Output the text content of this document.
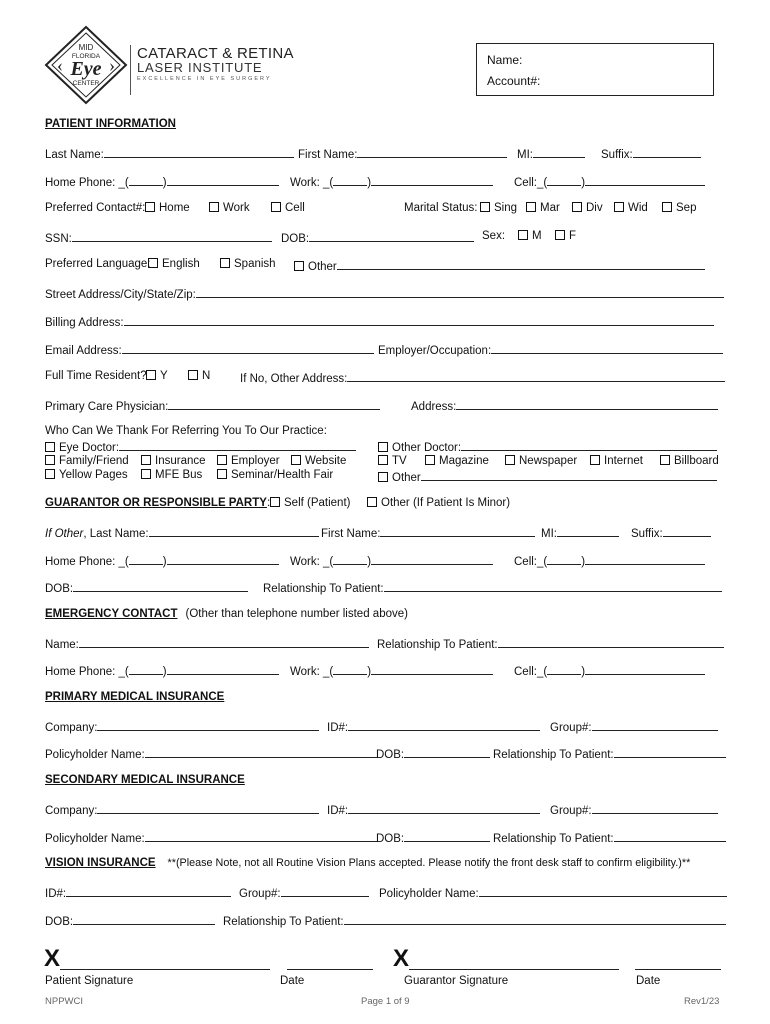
MID
FLORIDA
Eye
CENTER
‹	›
CATARACT & RETINA
LASER INSTITUTE
EXCELLENCE IN EYE SURGERY
Name:
Account#:
PATIENT INFORMATION
Last Name:	First Name:	MI:	Suffix:
Home Phone: _(	)	Work: _(	)	Cell:_(	)
Preferred Contact#:	Home	Work	Cell	Marital Status:	Sing	Mar	Div	Wid	Sep
SSN:	DOB:	Sex:	M	F
Preferred Language:	English	Spanish	Other
Street Address/City/State/Zip:
Billing Address:
Email Address:	Employer/Occupation:
Full Time Resident?	Y	N	If No, Other Address:
Primary Care Physician:	Address:
Who Can We Thank For Referring You To Our Practice:
Eye Doctor:	Other Doctor:
Family/Friend	Insurance	Employer	Website	TV	Magazine	Newspaper	Internet	Billboard
Yellow Pages	MFE Bus	Seminar/Health Fair	Other
GUARANTOR OR RESPONSIBLE PARTY:	Self (Patient)	Other (If Patient Is Minor)
If Other, Last Name:	First Name:	MI:	Suffix:
Home Phone: _(	)	Work: _(	)	Cell:_(	)
DOB:	Relationship To Patient:
EMERGENCY CONTACT (Other than telephone number listed above)
Name:	Relationship To Patient:
Home Phone: _(	)	Work: _(	)	Cell:_(	)
PRIMARY MEDICAL INSURANCE
Company:	ID#:	Group#:
Policyholder Name:	DOB:	Relationship To Patient:
SECONDARY MEDICAL INSURANCE
Company:	ID#:	Group#:
Policyholder Name:	DOB:	Relationship To Patient:
VISION INSURANCE **(Please Note, not all Routine Vision Plans accepted. Please notify the front desk staff to confirm eligibility.)**
ID#:	Group#:	Policyholder Name:
DOB:	Relationship To Patient:
X	X
Patient Signature	Date	Guarantor Signature	Date
NPPWCI	Page 1 of 9	Rev1/23
